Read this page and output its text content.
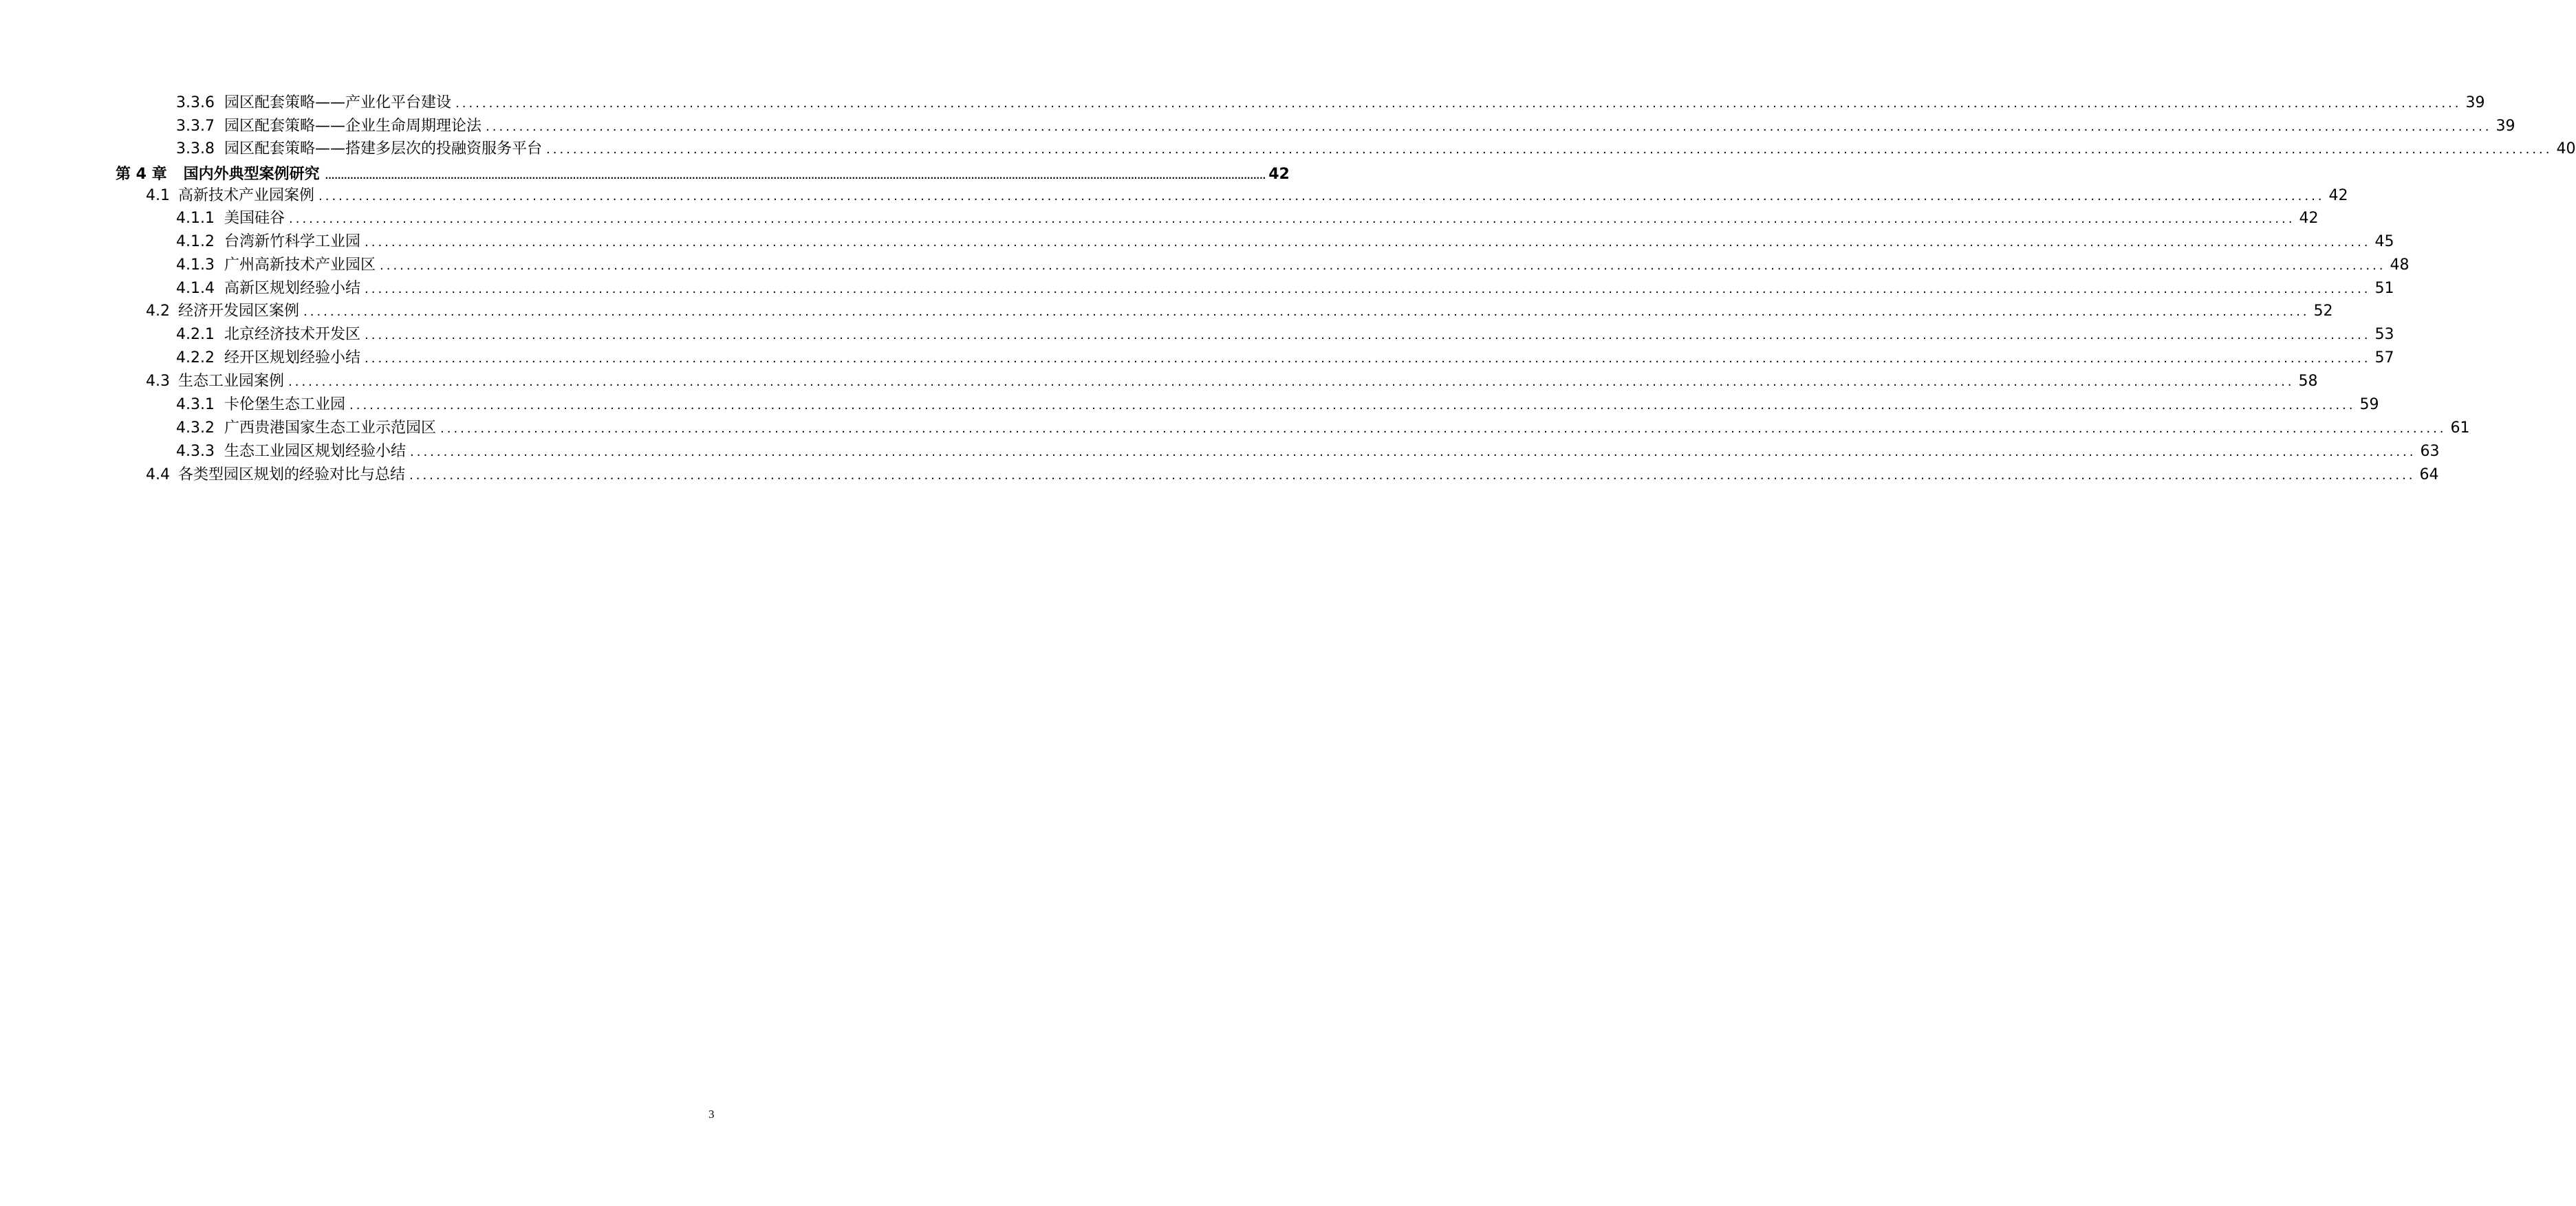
3.3.6 园区配套策略——产业化平台建设 ............................................................................................................................................................................................................................................................................................................ 39
3.3.7 园区配套策略——企业生命周期理论法 ............................................................................................................................................................................................................................................................................................................ 39
3.3.8 园区配套策略——搭建多层次的投融资服务平台 ............................................................................................................................................................................................................................................................................................................ 40
第 4 章 国内外典型案例研究 ............................................................................................................................................................................................................................................................................................................ 42
4.1 高新技术产业园案例 ............................................................................................................................................................................................................................................................................................................ 42
4.1.1 美国硅谷 ............................................................................................................................................................................................................................................................................................................ 42
4.1.2 台湾新竹科学工业园 ............................................................................................................................................................................................................................................................................................................ 45
4.1.3 广州高新技术产业园区 ............................................................................................................................................................................................................................................................................................................ 48
4.1.4 高新区规划经验小结 ............................................................................................................................................................................................................................................................................................................ 51
4.2 经济开发园区案例 ............................................................................................................................................................................................................................................................................................................ 52
4.2.1 北京经济技术开发区 ............................................................................................................................................................................................................................................................................................................ 53
4.2.2 经开区规划经验小结 ............................................................................................................................................................................................................................................................................................................ 57
4.3 生态工业园案例 ............................................................................................................................................................................................................................................................................................................ 58
4.3.1 卡伦堡生态工业园 ............................................................................................................................................................................................................................................................................................................ 59
4.3.2 广西贵港国家生态工业示范园区 ............................................................................................................................................................................................................................................................................................................ 61
4.3.3 生态工业园区规划经验小结 ............................................................................................................................................................................................................................................................................................................ 63
4.4 各类型园区规划的经验对比与总结 ............................................................................................................................................................................................................................................................................................................ 64
3
